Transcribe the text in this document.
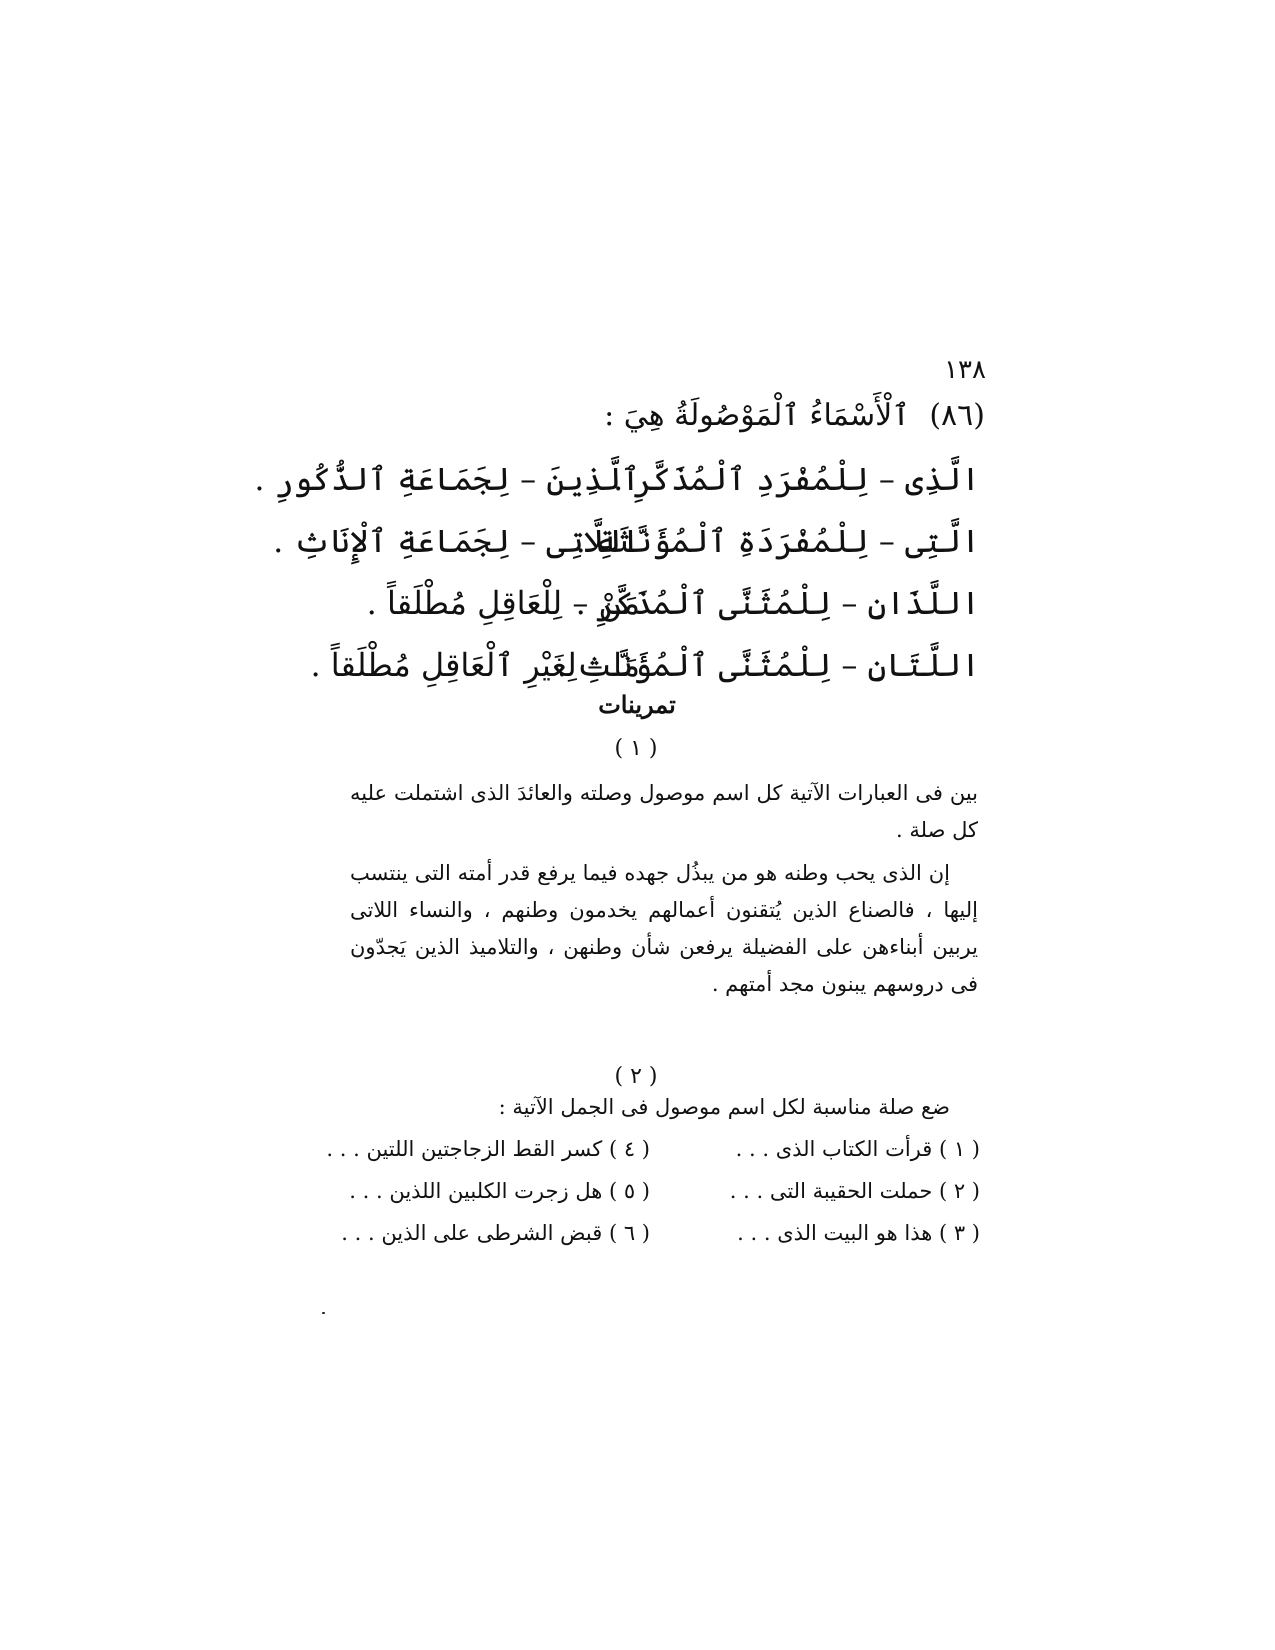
١٣٨
(٨٦) ٱلْأَسْمَاءُ ٱلْمَوْصُولَةُ هِيَ :
الَّذِى – لِلْمُفْرَدِ ٱلْمُذَكَّرِ .
ٱلَّذِينَ – لِجَمَاعَةِ ٱلذُّكُورِ .
الَّتِى – لِلْمُفْرَدَةِ ٱلْمُؤَنَّثَةِ .
اللَّاتِى – لِجَمَاعَةِ ٱلْإِنَاثِ .
اللَّذَانِ – لِلْمُثَنَّى ٱلْمُذَكَّرِ .
مَنْ – لِلْعَاقِلِ مُطْلَقاً .
اللَّتَانِ – لِلْمُثَنَّى ٱلْمُؤَنَّثِ .
مَا – لِغَيْرِ ٱلْعَاقِلِ مُطْلَقاً .
تمرينات
( ١ )
بين فى العبارات الآتية كل اسم موصول وصلته والعائدَ الذى اشتملت عليه كل صلة .
إن الذى يحب وطنه هو من يبذُل جهده فيما يرفع قدر أمته التى ينتسب إليها ، فالصناع الذين يُتقنون أعمالهم يخدمون وطنهم ، والنساء اللاتى يربين أبناءهن على الفضيلة يرفعن شأن وطنهن ، والتلاميذ الذين يَجدّون فى دروسهم يبنون مجد أمتهم .
( ٢ )
ضع صلة مناسبة لكل اسم موصول فى الجمل الآتية :
( ١ ) قرأت الكتاب الذى . . .
( ٤ ) كسر القط الزجاجتين اللتين . . .
( ٢ ) حملت الحقيبة التى . . .
( ٥ ) هل زجرت الكلبين اللذين . . .
( ٣ ) هذا هو البيت الذى . . .
( ٦ ) قبض الشرطى على الذين . . .
